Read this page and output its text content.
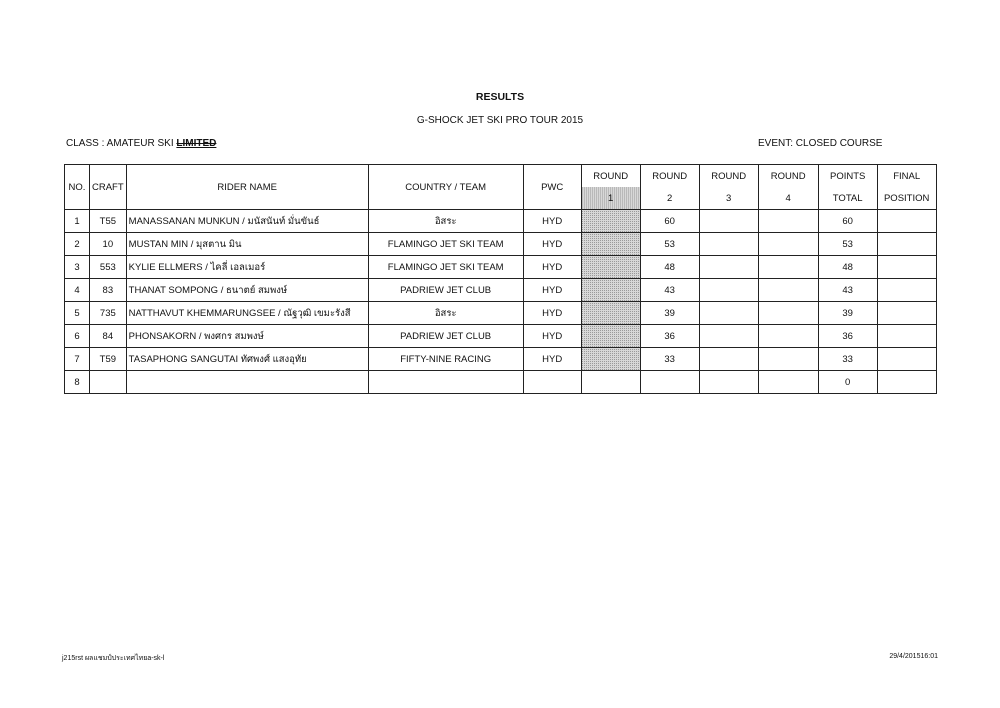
RESULTS
G-SHOCK JET SKI PRO TOUR 2015
CLASS : AMATEUR SKI LIMITED	EVENT: CLOSED COURSE
NO.	CRAFT	RIDER NAME	COUNTRY / TEAM	PWC	ROUND	ROUND	ROUND	ROUND	POINTS	FINAL
					1	2	3	4	TOTAL	POSITION
1	T55	MANASSANAN MUNKUN / มนัสนันท์ มั่นขันธ์	อิสระ	HYD		60			60	
2	10	MUSTAN MIN / มุสตาน มิน	FLAMINGO JET SKI TEAM	HYD		53			53	
3	553	KYLIE ELLMERS / ไคลี่ เอลเมอร์	FLAMINGO JET SKI TEAM	HYD		48			48	
4	83	THANAT SOMPONG / ธนาตย์ สมพงษ์	PADRIEW JET CLUB	HYD		43			43	
5	735	NATTHAVUT KHEMMARUNGSEE / ณัฐวุฒิ เขมะรังสี	อิสระ	HYD		39			39	
6	84	PHONSAKORN / พงศกร สมพงษ์	PADRIEW JET CLUB	HYD		36			36	
7	T59	TASAPHONG SANGUTAI ทัศพงศ์ แสงอุทัย	FIFTY-NINE RACING	HYD		33			33	
8									0	
j215rst ผลแชมป์ประเทศไทยa-sk-l	29/4/201516:01
